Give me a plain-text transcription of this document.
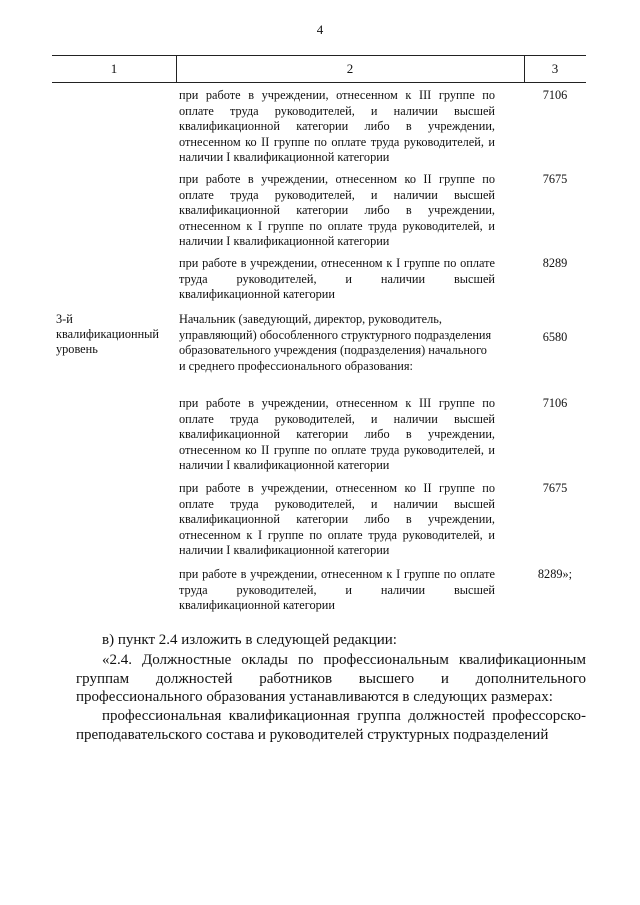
4
1	2	3
при работе в учреждении, отнесенном к III группе по оплате труда руководителей, и наличии высшей квалификационной категории либо в учреждении, отнесенном ко II группе по оплате труда руководителей, и наличии I квалификационной категории
7106
при работе в учреждении, отнесенном ко II группе по оплате труда руководителей, и наличии высшей квалификационной категории либо в учреждении, отнесенном к I группе по оплате труда руководителей, и наличии I квалификационной категории
7675
при работе в учреждении, отнесенном к I группе по оплате труда руководителей, и наличии высшей квалификационной категории
8289
3-й квалификационный уровень
Начальник (заведующий, директор, руководитель, управляющий) обособленного структурного подразделения образовательного учреждения (подразделения) начального и среднего профессионального образования:
6580
при работе в учреждении, отнесенном к III группе по оплате труда руководителей, и наличии высшей квалификационной категории либо в учреждении, отнесенном ко II группе по оплате труда руководителей, и наличии I квалификационной категории
7106
при работе в учреждении, отнесенном ко II группе по оплате труда руководителей, и наличии высшей квалификационной категории либо в учреждении, отнесенном к I группе по оплате труда руководителей, и наличии I квалификационной категории
7675
при работе в учреждении, отнесенном к I группе по оплате труда руководителей, и наличии высшей квалификационной категории
8289»;
в) пункт 2.4 изложить в следующей редакции:
«2.4. Должностные оклады по профессиональным квалификационным группам должностей работников высшего и дополнительного профессионального образования устанавливаются в следующих размерах:
профессиональная квалификационная группа должностей профессорско-преподавательского состава и руководителей структурных подразделений
